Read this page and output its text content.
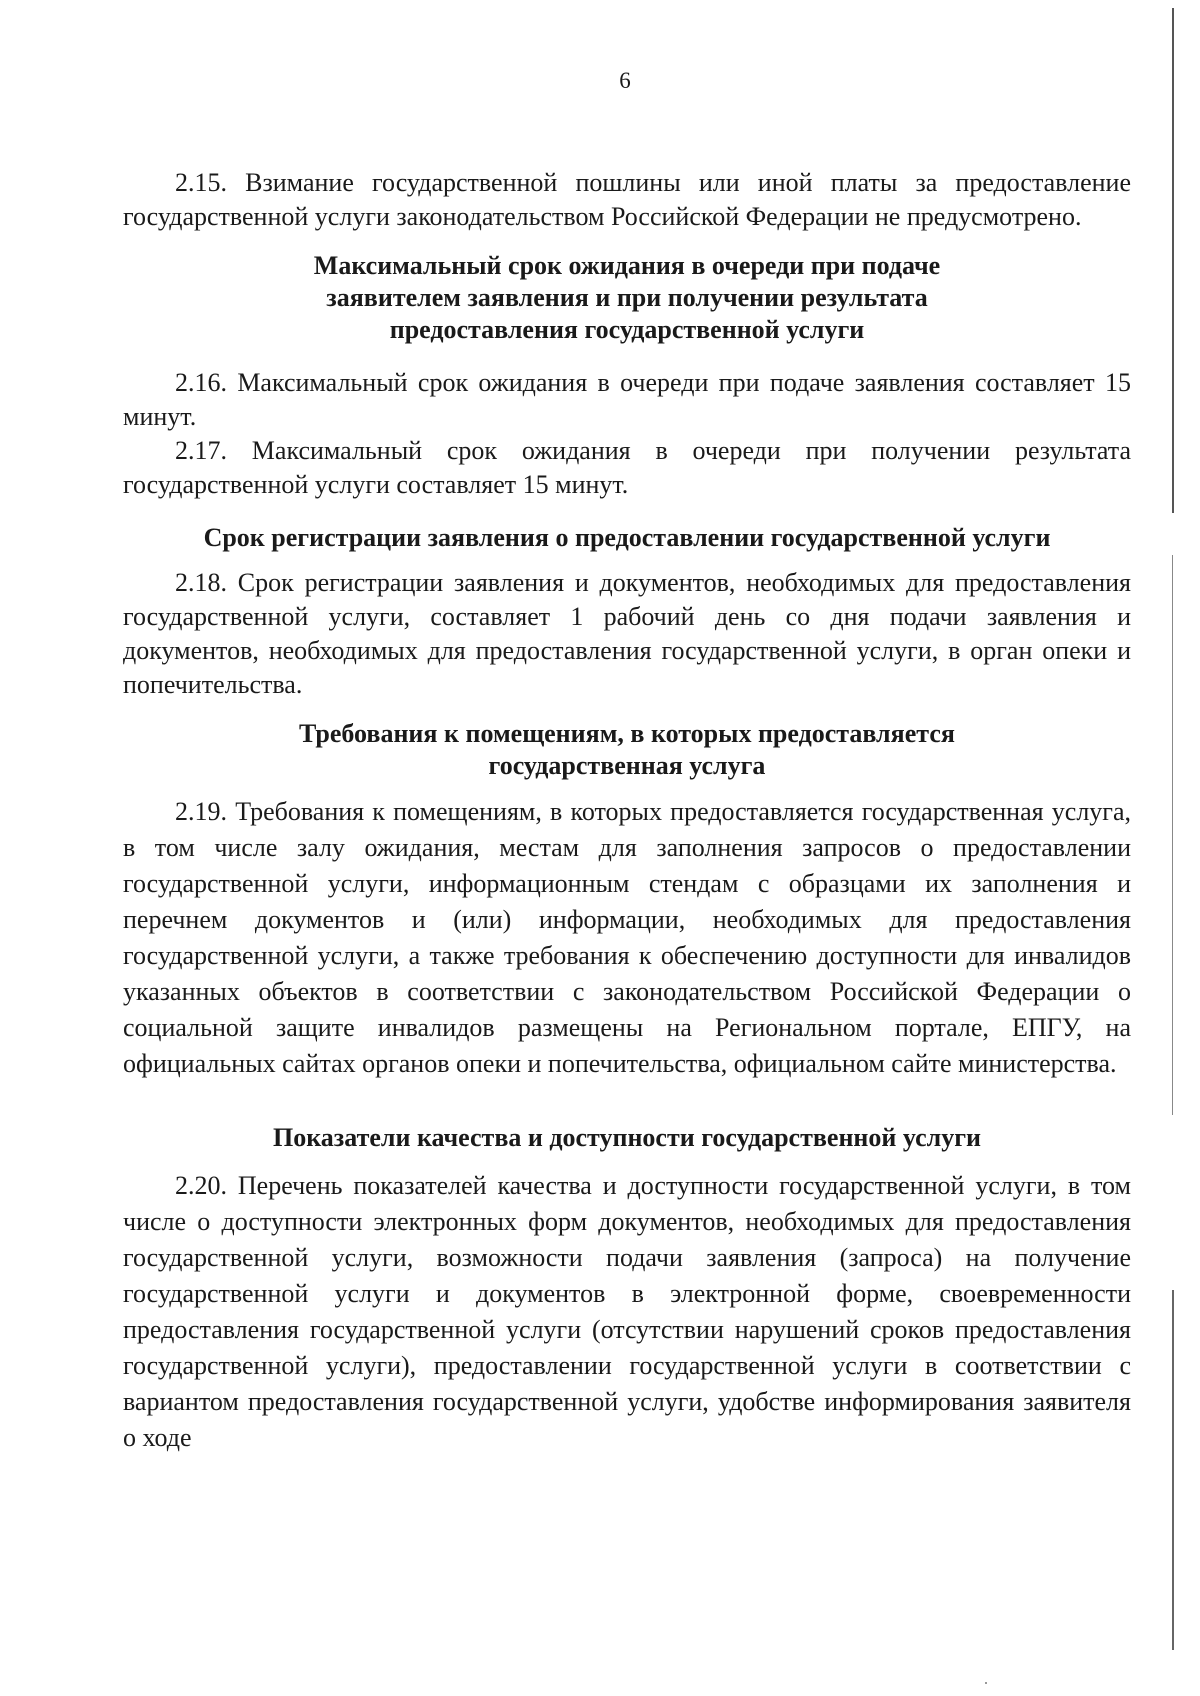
6

2.15. Взимание государственной пошлины или иной платы за предоставление государственной услуги законодательством Российской Федерации не предусмотрено.

Максимальный срок ожидания в очереди при подаче
заявителем заявления и при получении результата
предоставления государственной услуги

2.16. Максимальный срок ожидания в очереди при подаче заявления составляет 15 минут.

2.17. Максимальный срок ожидания в очереди при получении результата государственной услуги составляет 15 минут.

Срок регистрации заявления о предоставлении государственной услуги

2.18. Срок регистрации заявления и документов, необходимых для предоставления государственной услуги, составляет 1 рабочий день со дня подачи заявления и документов, необходимых для предоставления государственной услуги, в орган опеки и попечительства.

Требования к помещениям, в которых предоставляется
государственная услуга

2.19. Требования к помещениям, в которых предоставляется государственная услуга, в том числе залу ожидания, местам для заполнения запросов о предоставлении государственной услуги, информационным стендам с образцами их заполнения и перечнем документов и (или) информации, необходимых для предоставления государственной услуги, а также требования к обеспечению доступности для инвалидов указанных объектов в соответствии с законодательством Российской Федерации о социальной защите инвалидов размещены на Региональном портале, ЕПГУ, на официальных сайтах органов опеки и попечительства, официальном сайте министерства.

Показатели качества и доступности государственной услуги

2.20. Перечень показателей качества и доступности государственной услуги, в том числе о доступности электронных форм документов, необходимых для предоставления государственной услуги, возможности подачи заявления (запроса) на получение государственной услуги и документов в электронной форме, своевременности предоставления государственной услуги (отсутствии нарушений сроков предоставления государственной услуги), предоставлении государственной услуги в соответствии с вариантом предоставления государственной услуги, удобстве информирования заявителя о ходе
